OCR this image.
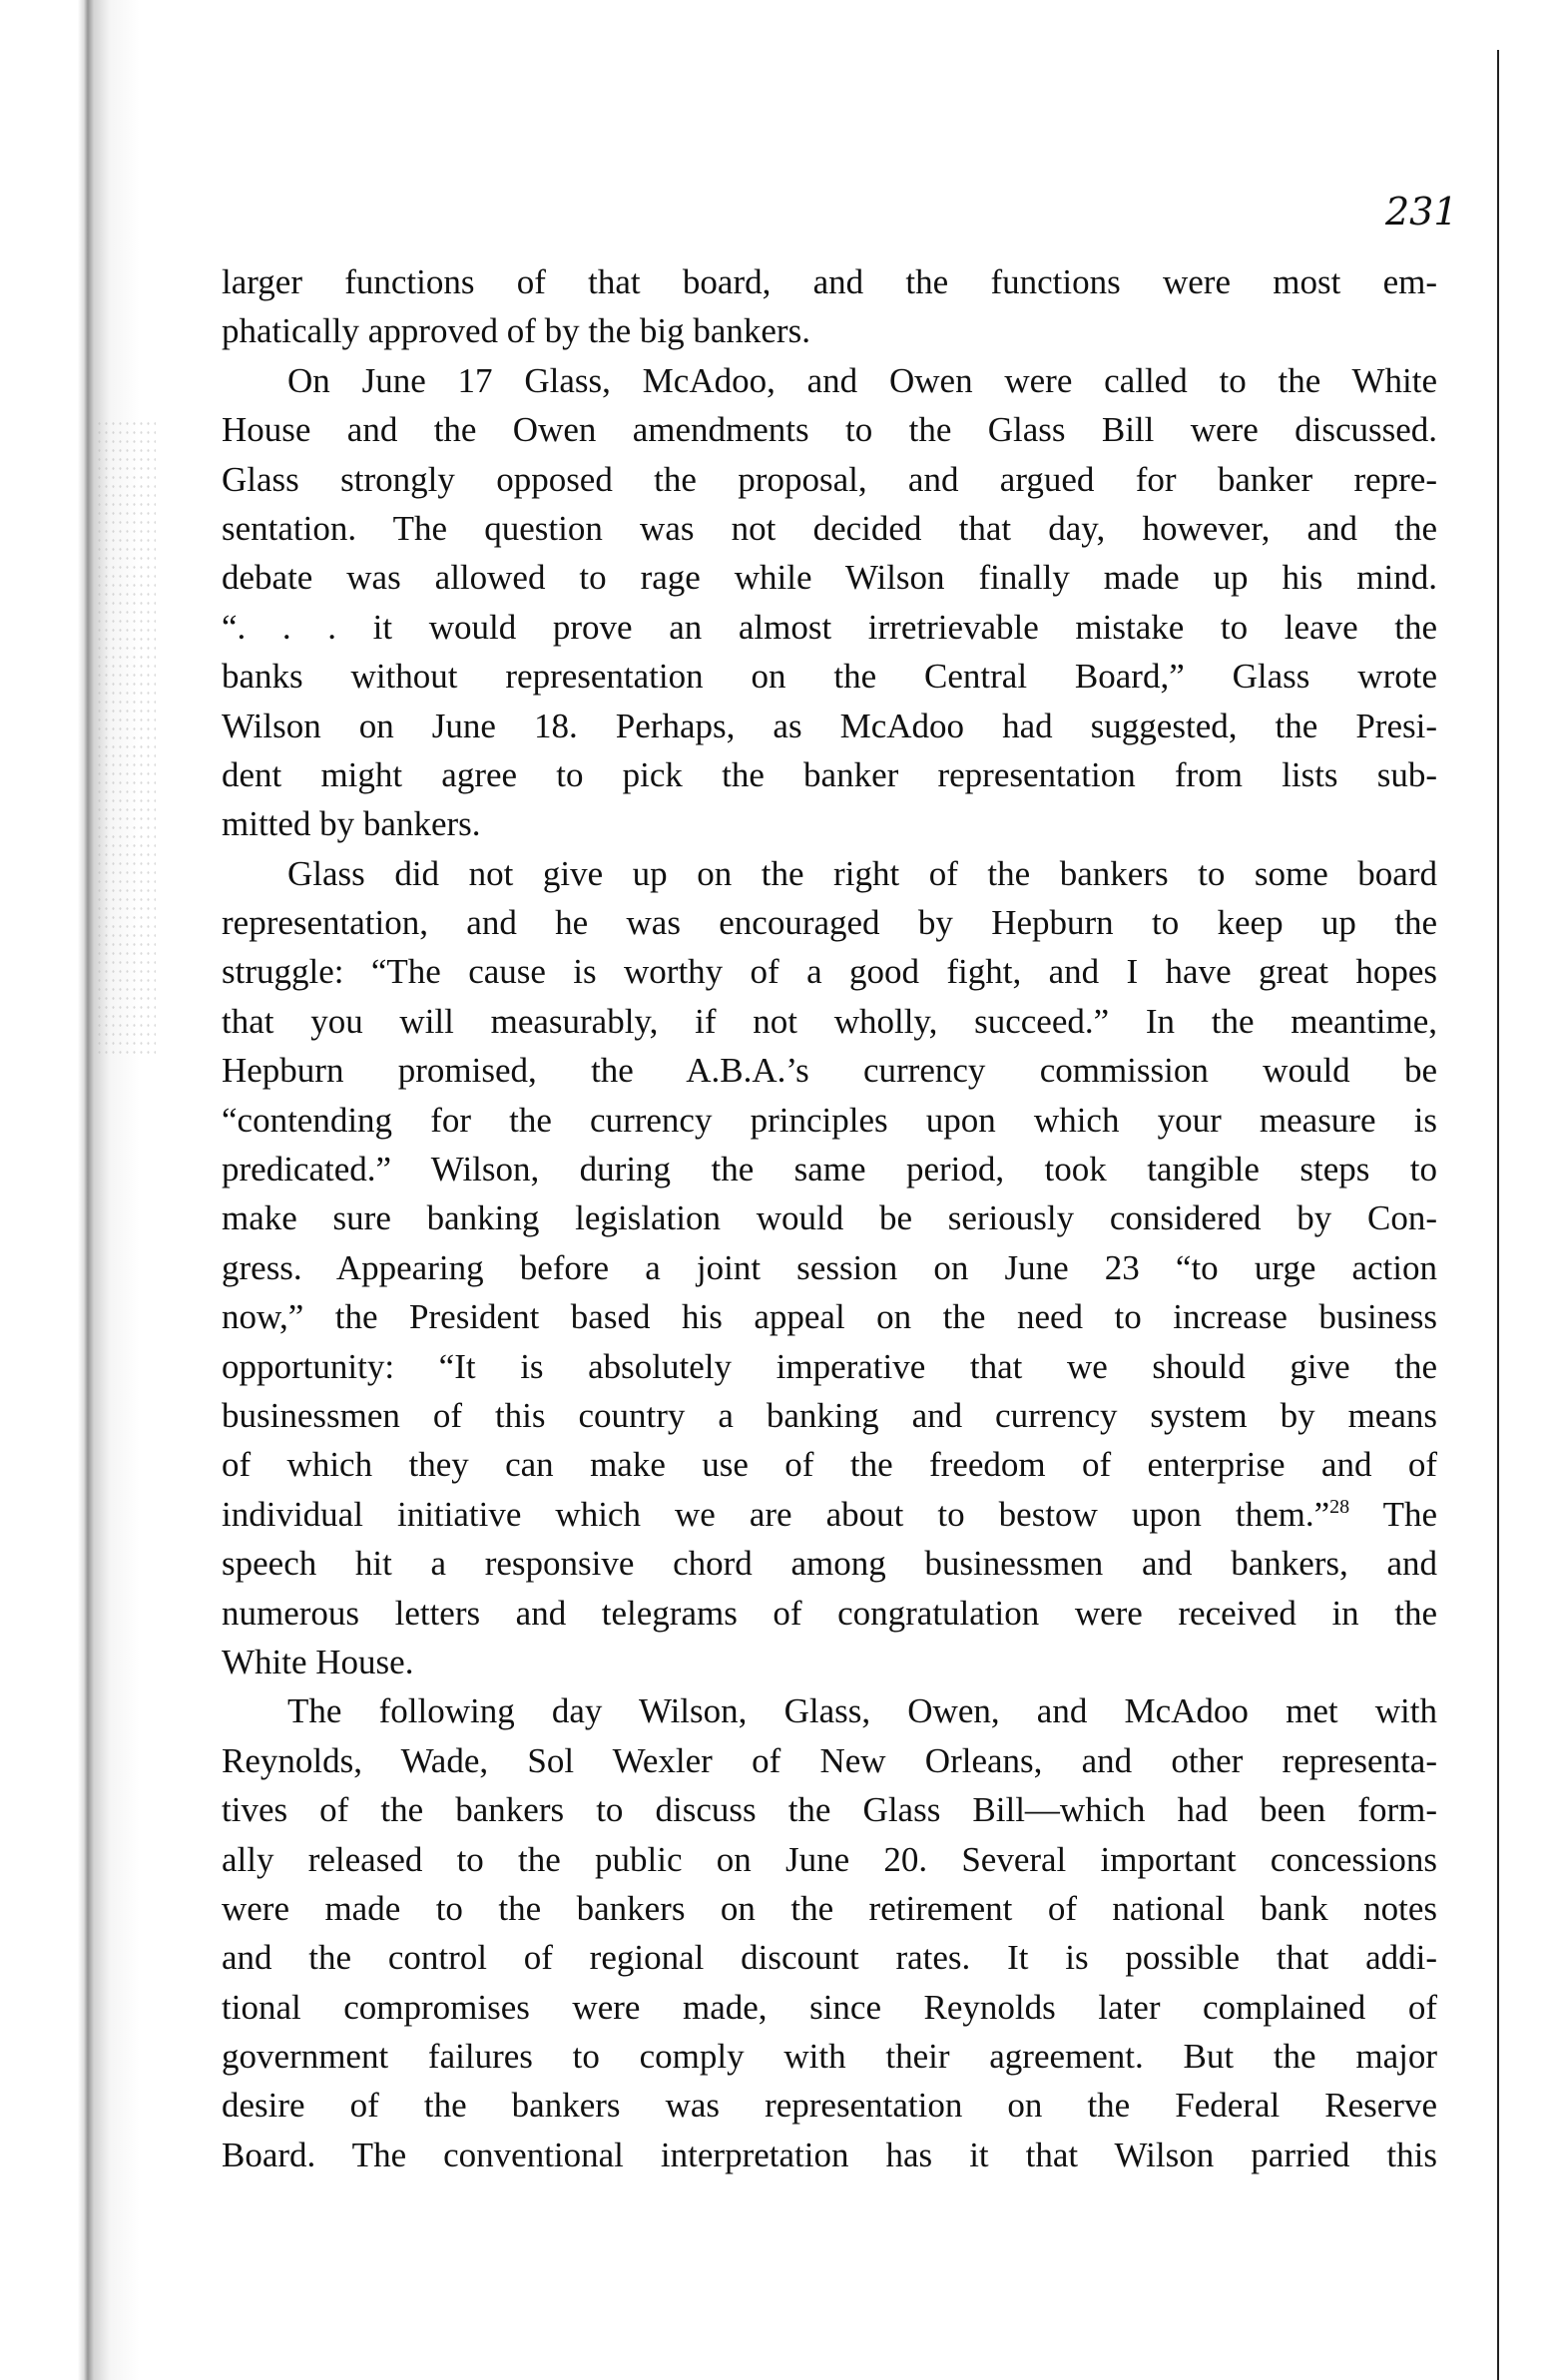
231
larger functions of that board, and the functions were most em-
phatically approved of by the big bankers.
On June 17 Glass, McAdoo, and Owen were called to the White
House and the Owen amendments to the Glass Bill were discussed.
Glass strongly opposed the proposal, and argued for banker repre-
sentation. The question was not decided that day, however, and the
debate was allowed to rage while Wilson finally made up his mind.
“. . . it would prove an almost irretrievable mistake to leave the
banks without representation on the Central Board,” Glass wrote
Wilson on June 18. Perhaps, as McAdoo had suggested, the Presi-
dent might agree to pick the banker representation from lists sub-
mitted by bankers.
Glass did not give up on the right of the bankers to some board
representation, and he was encouraged by Hepburn to keep up the
struggle: “The cause is worthy of a good fight, and I have great hopes
that you will measurably, if not wholly, succeed.” In the meantime,
Hepburn promised, the A.B.A.’s currency commission would be
“contending for the currency principles upon which your measure is
predicated.” Wilson, during the same period, took tangible steps to
make sure banking legislation would be seriously considered by Con-
gress. Appearing before a joint session on June 23 “to urge action
now,” the President based his appeal on the need to increase business
opportunity: “It is absolutely imperative that we should give the
businessmen of this country a banking and currency system by means
of which they can make use of the freedom of enterprise and of
individual initiative which we are about to bestow upon them.”$^{28}$ The
speech hit a responsive chord among businessmen and bankers, and
numerous letters and telegrams of congratulation were received in the
White House.
The following day Wilson, Glass, Owen, and McAdoo met with
Reynolds, Wade, Sol Wexler of New Orleans, and other representa-
tives of the bankers to discuss the Glass Bill—which had been form-
ally released to the public on June 20. Several important concessions
were made to the bankers on the retirement of national bank notes
and the control of regional discount rates. It is possible that addi-
tional compromises were made, since Reynolds later complained of
government failures to comply with their agreement. But the major
desire of the bankers was representation on the Federal Reserve
Board. The conventional interpretation has it that Wilson parried this
